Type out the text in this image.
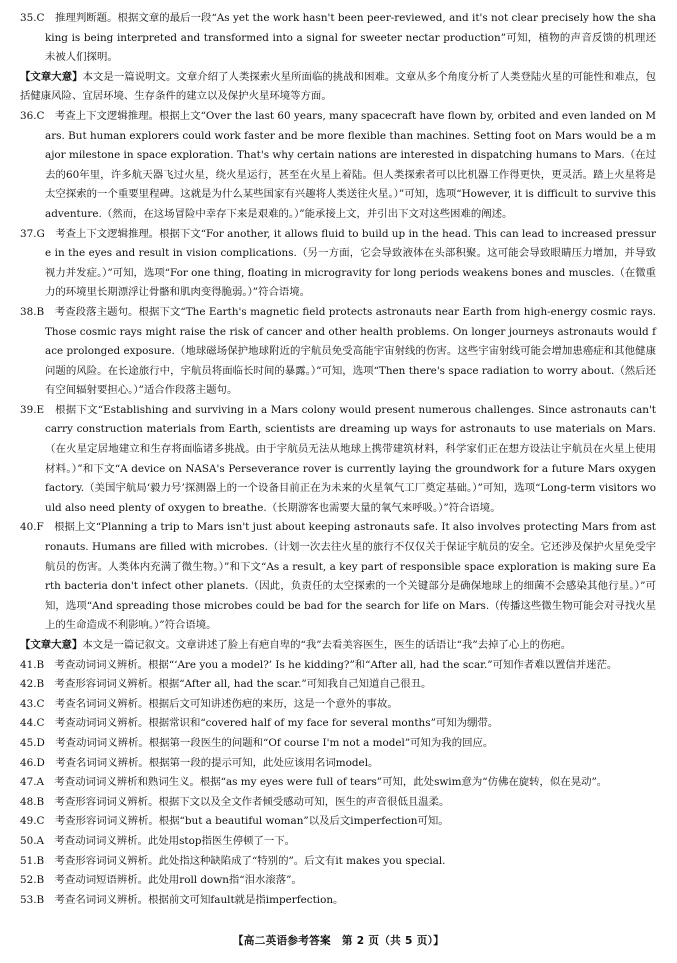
35.C　推理判断题。根据文章的最后一段“As yet the work hasn't been peer-reviewed, and it's not clear precisely how the shaking is being interpreted and transformed into a signal for sweeter nectar production”可知，植物的声音反馈的机理还未被人们探明。

【文章大意】本文是一篇说明文。文章介绍了人类探索火星所面临的挑战和困难。文章从多个角度分析了人类登陆火星的可能性和难点，包括健康风险、宜居环境、生存条件的建立以及保护火星环境等方面。

36.C　考查上下文逻辑推理。根据上文“Over the last 60 years, many spacecraft have flown by, orbited and even landed on Mars. But human explorers could work faster and be more flexible than machines. Setting foot on Mars would be a major milestone in space exploration. That's why certain nations are interested in dispatching humans to Mars.（在过去的60年里，许多航天器飞过火星，绕火星运行，甚至在火星上着陆。但人类探索者可以比机器工作得更快，更灵活。踏上火星将是太空探索的一个重要里程碑。这就是为什么某些国家有兴趣将人类送往火星。）”可知，选项“However, it is difficult to survive this adventure.（然而，在这场冒险中幸存下来是艰难的。）”能承接上文，并引出下文对这些困难的阐述。

37.G　考查上下文逻辑推理。根据下文“For another, it allows fluid to build up in the head. This can lead to increased pressure in the eyes and result in vision complications.（另一方面，它会导致液体在头部积聚。这可能会导致眼睛压力增加，并导致视力并发症。）”可知，选项“For one thing, floating in microgravity for long periods weakens bones and muscles.（在微重力的环境里长期漂浮让骨骼和肌肉变得脆弱。）”符合语境。

38.B　考查段落主题句。根据下文“The Earth's magnetic field protects astronauts near Earth from high-energy cosmic rays. Those cosmic rays might raise the risk of cancer and other health problems. On longer journeys astronauts would face prolonged exposure.（地球磁场保护地球附近的宇航员免受高能宇宙射线的伤害。这些宇宙射线可能会增加患癌症和其他健康问题的风险。在长途旅行中，宇航员将面临长时间的暴露。）”可知，选项“Then there's space radiation to worry about.（然后还有空间辐射要担心。）”适合作段落主题句。

39.E　根据下文“Establishing and surviving in a Mars colony would present numerous challenges. Since astronauts can't carry construction materials from Earth, scientists are dreaming up ways for astronauts to use materials on Mars.（在火星定居地建立和生存将面临诸多挑战。由于宇航员无法从地球上携带建筑材料，科学家们正在想方设法让宇航员在火星上使用材料。）”和下文“A device on NASA's Perseverance rover is currently laying the groundwork for a future Mars oxygen factory.（美国宇航局‘毅力号’探测器上的一个设备目前正在为未来的火星氧气工厂奠定基础。）”可知，选项“Long-term visitors would also need plenty of oxygen to breathe.（长期游客也需要大量的氧气来呼吸。）”符合语境。

40.F　根据上文“Planning a trip to Mars isn't just about keeping astronauts safe. It also involves protecting Mars from astronauts. Humans are filled with microbes.（计划一次去往火星的旅行不仅仅关于保证宇航员的安全。它还涉及保护火星免受宇航员的伤害。人类体内充满了微生物。）”和下文“As a result, a key part of responsible space exploration is making sure Earth bacteria don't infect other planets.（因此，负责任的太空探索的一个关键部分是确保地球上的细菌不会感染其他行星。）”可知，选项“And spreading those microbes could be bad for the search for life on Mars.（传播这些微生物可能会对寻找火星上的生命造成不利影响。）”符合语境。

【文章大意】本文是一篇记叙文。文章讲述了脸上有疤自卑的“我”去看美容医生，医生的话语让“我”去掉了心上的伤疤。

41.B　考查动词词义辨析。根据“‘Are you a model?’ Is he kidding?”和“After all, had the scar.”可知作者难以置信并迷茫。

42.B　考查形容词词义辨析。根据“After all, had the scar.”可知我自己知道自己很丑。

43.C　考查名词词义辨析。根据后文可知讲述伤疤的来历，这是一个意外的事故。

44.C　考查动词词义辨析。根据常识和“covered half of my face for several months”可知为绷带。

45.D　考查动词词义辨析。根据第一段医生的问题和“Of course I'm not a model”可知为我的回应。

46.D　考查名词词义辨析。根据第一段的提示可知，此处应该用名词model。

47.A　考查动词词义辨析和熟词生义。根据“as my eyes were full of tears”可知，此处swim意为“仿佛在旋转，似在晃动”。

48.B　考查形容词词义辨析。根据下文以及全文作者倾受感动可知，医生的声音很低且温柔。

49.C　考查形容词词义辨析。根据“but a beautiful woman”以及后文imperfection可知。

50.A　考查动词词义辨析。此处用stop指医生停顿了一下。

51.B　考查形容词词义辨析。此处指这种缺陷成了“特别的”。后文有it makes you special.

52.B　考查动词短语辨析。此处用roll down指“泪水滚落”。

53.B　考查名词词义辨析。根据前文可知fault就是指imperfection。

【高二英语参考答案　第 2 页（共 5 页）】
